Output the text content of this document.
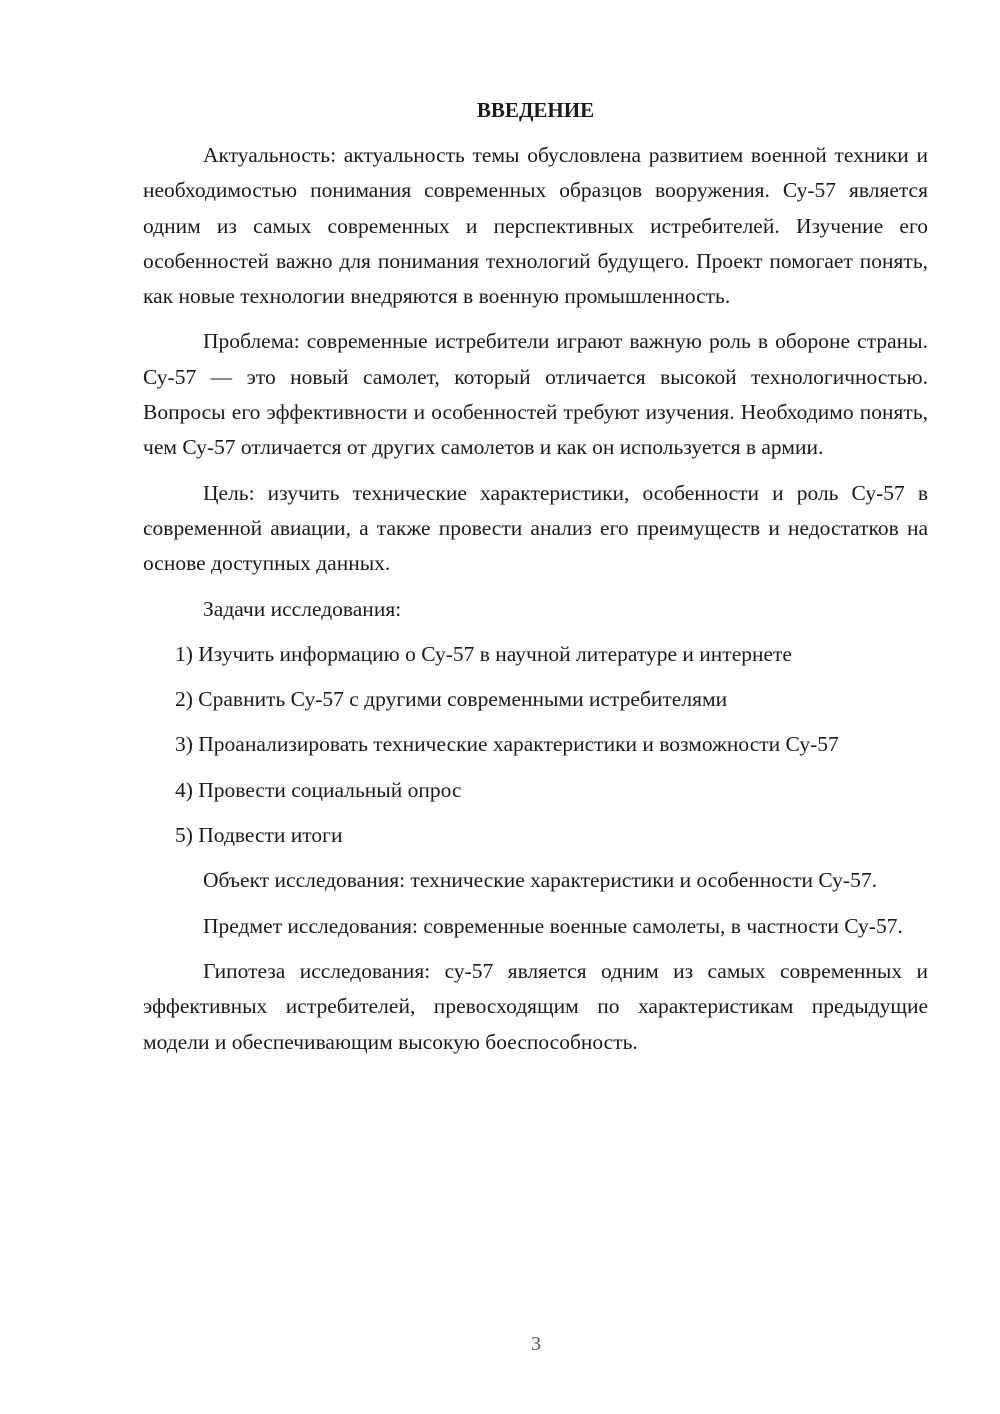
ВВЕДЕНИЕ

Актуальность: актуальность темы обусловлена развитием военной техники и необходимостью понимания современных образцов вооружения. Су-57 является одним из самых современных и перспективных истребителей. Изучение его особенностей важно для понимания технологий будущего. Проект помогает понять, как новые технологии внедряются в военную промышленность.

Проблема: современные истребители играют важную роль в обороне страны. Су-57 — это новый самолет, который отличается высокой технологичностью. Вопросы его эффективности и особенностей требуют изучения. Необходимо понять, чем Су-57 отличается от других самолетов и как он используется в армии.

Цель: изучить технические характеристики, особенности и роль Су-57 в современной авиации, а также провести анализ его преимуществ и недостатков на основе доступных данных.

Задачи исследования:

1) Изучить информацию о Су-57 в научной литературе и интернете

2) Сравнить Су-57 с другими современными истребителями

3) Проанализировать технические характеристики и возможности Су-57

4) Провести социальный опрос

5) Подвести итоги

Объект исследования: технические характеристики и особенности Су-57.

Предмет исследования: современные военные самолеты, в частности Су-57.

Гипотеза исследования: су-57 является одним из самых современных и эффективных истребителей, превосходящим по характеристикам предыдущие модели и обеспечивающим высокую боеспособность.

3
